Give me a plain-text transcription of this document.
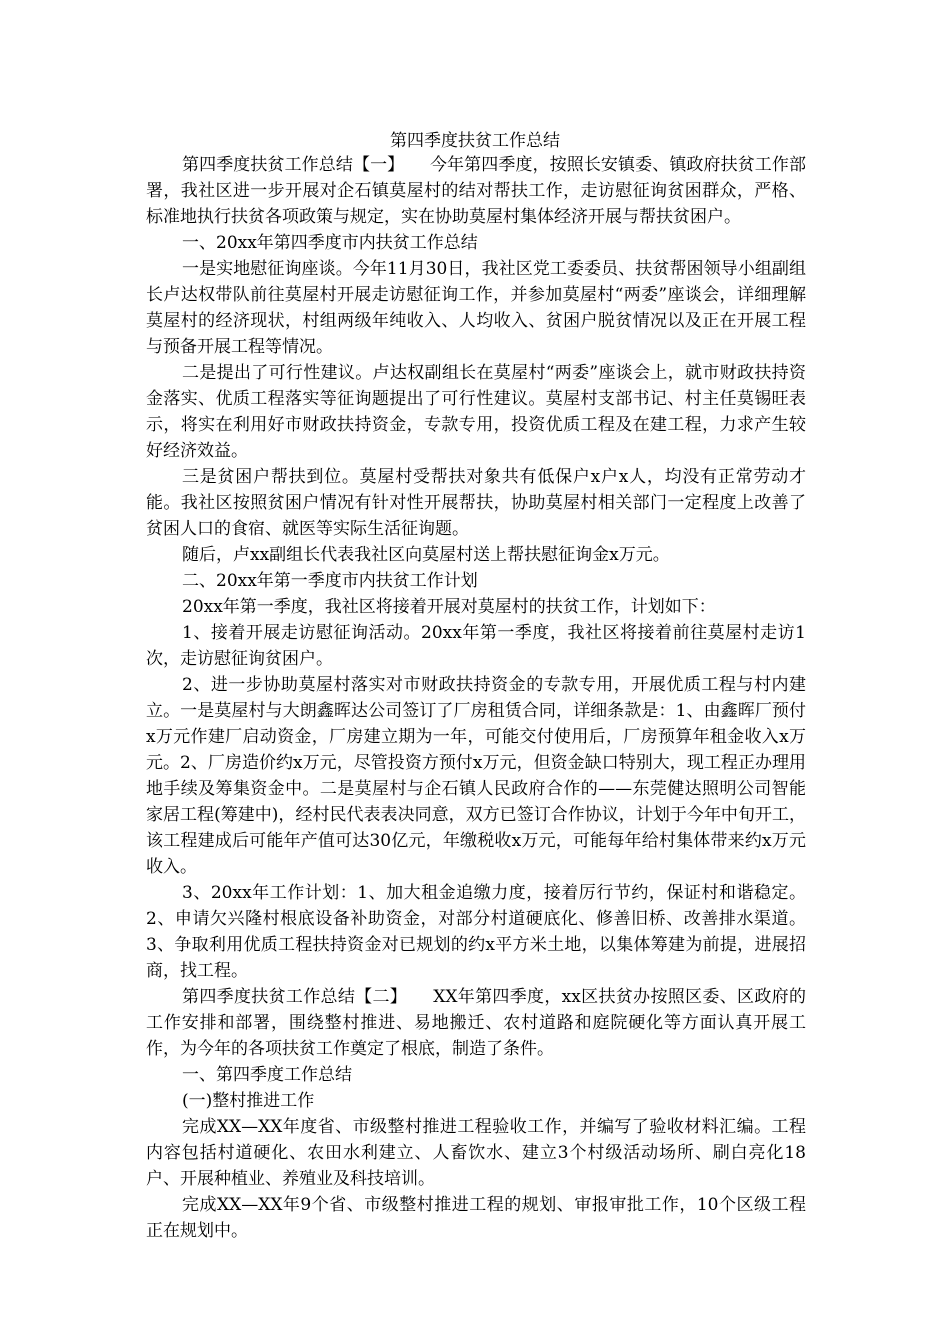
第四季度扶贫工作总结

第四季度扶贫工作总结【一】　　今年第四季度，按照长安镇委、镇政府扶贫工作部署，我社区进一步开展对企石镇莫屋村的结对帮扶工作，走访慰征询贫困群众，严格、标准地执行扶贫各项政策与规定，实在协助莫屋村集体经济开展与帮扶贫困户。

一、20xx年第四季度市内扶贫工作总结

一是实地慰征询座谈。今年11月30日，我社区党工委委员、扶贫帮困领导小组副组长卢达权带队前往莫屋村开展走访慰征询工作，并参加莫屋村“两委”座谈会，详细理解莫屋村的经济现状，村组两级年纯收入、人均收入、贫困户脱贫情况以及正在开展工程与预备开展工程等情况。

二是提出了可行性建议。卢达权副组长在莫屋村“两委”座谈会上，就市财政扶持资金落实、优质工程落实等征询题提出了可行性建议。莫屋村支部书记、村主任莫锡旺表示，将实在利用好市财政扶持资金，专款专用，投资优质工程及在建工程，力求产生较好经济效益。

三是贫困户帮扶到位。莫屋村受帮扶对象共有低保户x户x人，均没有正常劳动才能。我社区按照贫困户情况有针对性开展帮扶，协助莫屋村相关部门一定程度上改善了贫困人口的食宿、就医等实际生活征询题。

随后，卢xx副组长代表我社区向莫屋村送上帮扶慰征询金x万元。

二、20xx年第一季度市内扶贫工作计划

20xx年第一季度，我社区将接着开展对莫屋村的扶贫工作，计划如下：

1、接着开展走访慰征询活动。20xx年第一季度，我社区将接着前往莫屋村走访1次，走访慰征询贫困户。

2、进一步协助莫屋村落实对市财政扶持资金的专款专用，开展优质工程与村内建立。一是莫屋村与大朗鑫晖达公司签订了厂房租赁合同，详细条款是：1、由鑫晖厂预付x万元作建厂启动资金，厂房建立期为一年，可能交付使用后，厂房预算年租金收入x万元。2、厂房造价约x万元，尽管投资方预付x万元，但资金缺口特别大，现工程正办理用地手续及筹集资金中。二是莫屋村与企石镇人民政府合作的——东莞健达照明公司智能家居工程(筹建中)，经村民代表表决同意，双方已签订合作协议，计划于今年中旬开工，该工程建成后可能年产值可达30亿元，年缴税收x万元，可能每年给村集体带来约x万元收入。

3、20xx年工作计划：1、加大租金追缴力度，接着厉行节约，保证村和谐稳定。2、申请欠兴隆村根底设备补助资金，对部分村道硬底化、修善旧桥、改善排水渠道。3、争取利用优质工程扶持资金对已规划的约x平方米土地，以集体筹建为前提，进展招商，找工程。

第四季度扶贫工作总结【二】　　XX年第四季度，xx区扶贫办按照区委、区政府的工作安排和部署，围绕整村推进、易地搬迁、农村道路和庭院硬化等方面认真开展工作，为今年的各项扶贫工作奠定了根底，制造了条件。

一、第四季度工作总结

(一)整村推进工作

完成XX—XX年度省、市级整村推进工程验收工作，并编写了验收材料汇编。工程内容包括村道硬化、农田水利建立、人畜饮水、建立3个村级活动场所、刷白亮化18户、开展种植业、养殖业及科技培训。

完成XX—XX年9个省、市级整村推进工程的规划、审报审批工作，10个区级工程正在规划中。
